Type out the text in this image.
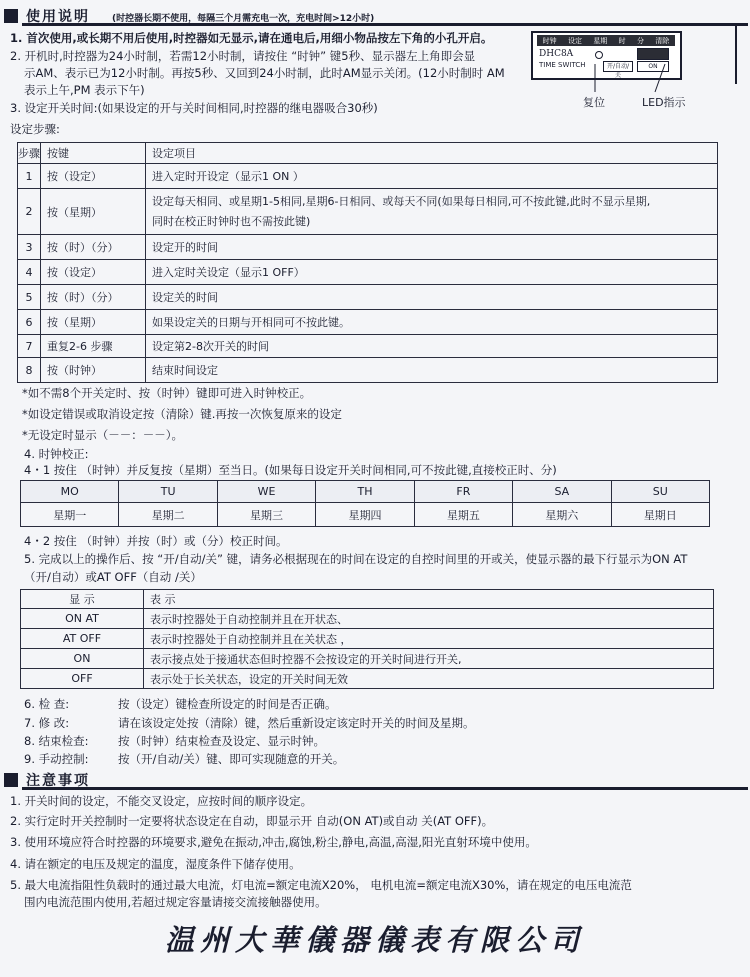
使用说明 (时控器长期不使用，每隔三个月需充电一次，充电时间>12小时)
1. 首次使用,或长期不用后使用,时控器如无显示,请在通电后,用细小物品按左下角的小孔开启。
2. 开机时,时控器为24小时制，若需12小时制，请按住 “时钟” 键5秒、显示器左上角即会显
示AM、表示已为12小时制。再按5秒、又回到24小时制，此时AM显示关闭。(12小时制时 AM
表示上午,PM 表示下午)
3. 设定开关时间:(如果设定的开与关时间相同,时控器的继电器吸合30秒)
时钟 设定 星期 时 分 清除
DHC8A
TIME SWITCH	开/自动/关
ON
复位	LED指示
设定步骤:
步骤	按键	设定项目
1	按（设定）	进入定时开设定（显示1 ON ）
2	按（星期）	设定每天相同、或星期1-5相同,星期6-日相同、或每天不同(如果每日相同,可不按此键,此时不显示星期,
同时在校正时钟时也不需按此键)

3	按（时）（分）	设定开的时间
4	按（设定）	进入定时关设定（显示1 OFF）
5	按（时）（分）	设定关的时间
6	按（星期）	如果设定关的日期与开相同可不按此键。
7	重复2-6 步骤	设定第2-8次开关的时间
8	按（时钟）	结束时间设定
*如不需8个开关定时、按（时钟）键即可进入时钟校正。
*如设定错误或取消设定按（清除）键.再按一次恢复原来的设定
*无设定时显示（－－：－－）。
4. 时钟校正:
4・1 按住 （时钟）并反复按（星期）至当日。(如果每日设定开关时间相同,可不按此键,直接校正时、分)
MO	TU	WE	TH	FR	SA	SU
星期一	星期二	星期三	星期四	星期五	星期六	星期日
4・2 按住 （时钟）并按（时）或（分）校正时间。
5. 完成以上的操作后、按 “开/自动/关” 键，请务必根据现在的时间在设定的自控时间里的开或关，使显示器的最下行显示为ON AT
（开/自动）或AT OFF（自动 /关）
显 示	表 示
ON AT	表示时控器处于自动控制并且在开状态、
AT OFF	表示时控器处于自动控制并且在关状态 ，
ON	表示接点处于接通状态但时控器不会按设定的开关时间进行开关,
OFF	表示处于长关状态，设定的开关时间无效
6. 检 查:	按（设定）键检查所设定的时间是否正确。
7. 修 改:	请在该设定处按（清除）键，然后重新设定该定时开关的时间及星期。
8. 结束检查:	按（时钟）结束检查及设定、显示时钟。
9. 手动控制:	按（开/自动/关）键、即可实现随意的开关。
注意事项
1. 开关时间的设定，不能交叉设定，应按时间的顺序设定。
2. 实行定时开关控制时一定要将状态设定在自动，即显示开 自动(ON AT)或自动 关(AT OFF)。
3. 使用环境应符合时控器的环境要求,避免在振动,冲击,腐蚀,粉尘,静电,高温,高湿,阳光直射环境中使用。
4. 请在额定的电压及规定的温度，湿度条件下储存使用。
5. 最大电流指阻性负载时的通过最大电流，灯电流=额定电流X20%， 电机电流=额定电流X30%，请在规定的电压电流范
围内电流范围内使用,若超过规定容量请接交流接触器使用。
温州大華儀器儀表有限公司
